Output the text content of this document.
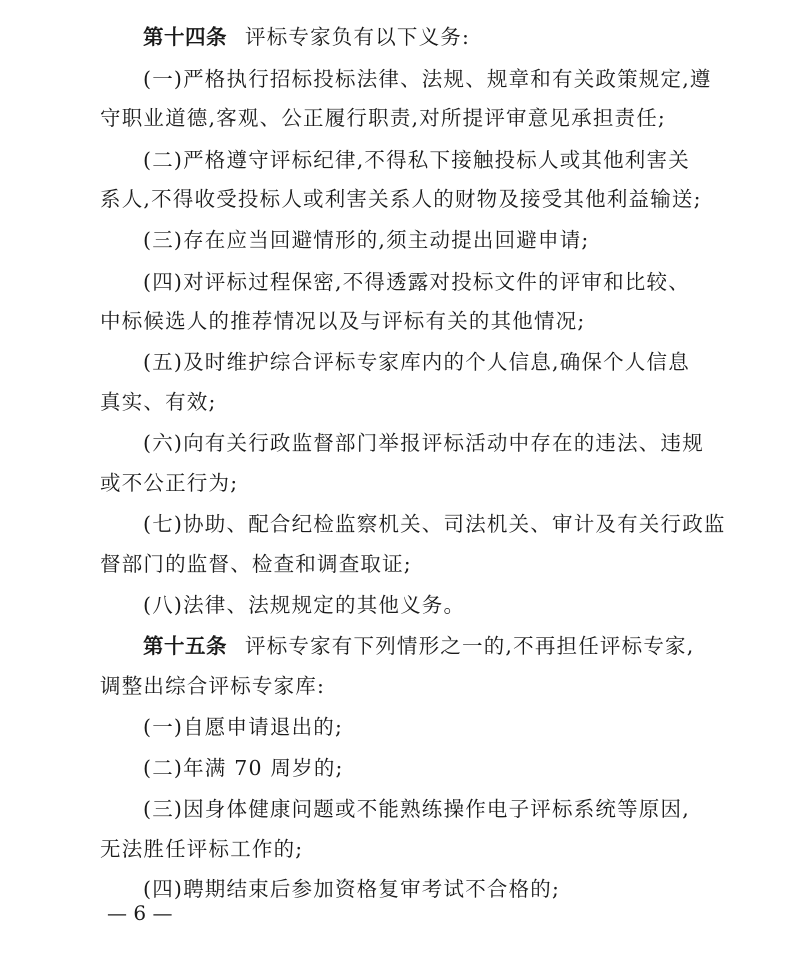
第十四条 评标专家负有以下义务:
(一)严格执行招标投标法律、法规、规章和有关政策规定,遵
守职业道德,客观、公正履行职责,对所提评审意见承担责任;
(二)严格遵守评标纪律,不得私下接触投标人或其他利害关
系人,不得收受投标人或利害关系人的财物及接受其他利益输送;
(三)存在应当回避情形的,须主动提出回避申请;
(四)对评标过程保密,不得透露对投标文件的评审和比较、
中标候选人的推荐情况以及与评标有关的其他情况;
(五)及时维护综合评标专家库内的个人信息,确保个人信息
真实、有效;
(六)向有关行政监督部门举报评标活动中存在的违法、违规
或不公正行为;
(七)协助、配合纪检监察机关、司法机关、审计及有关行政监
督部门的监督、检查和调查取证;
(八)法律、法规规定的其他义务。
第十五条 评标专家有下列情形之一的,不再担任评标专家,
调整出综合评标专家库:
(一)自愿申请退出的;
(二)年满 70 周岁的;
(三)因身体健康问题或不能熟练操作电子评标系统等原因,
无法胜任评标工作的;
(四)聘期结束后参加资格复审考试不合格的;
— 6 —
